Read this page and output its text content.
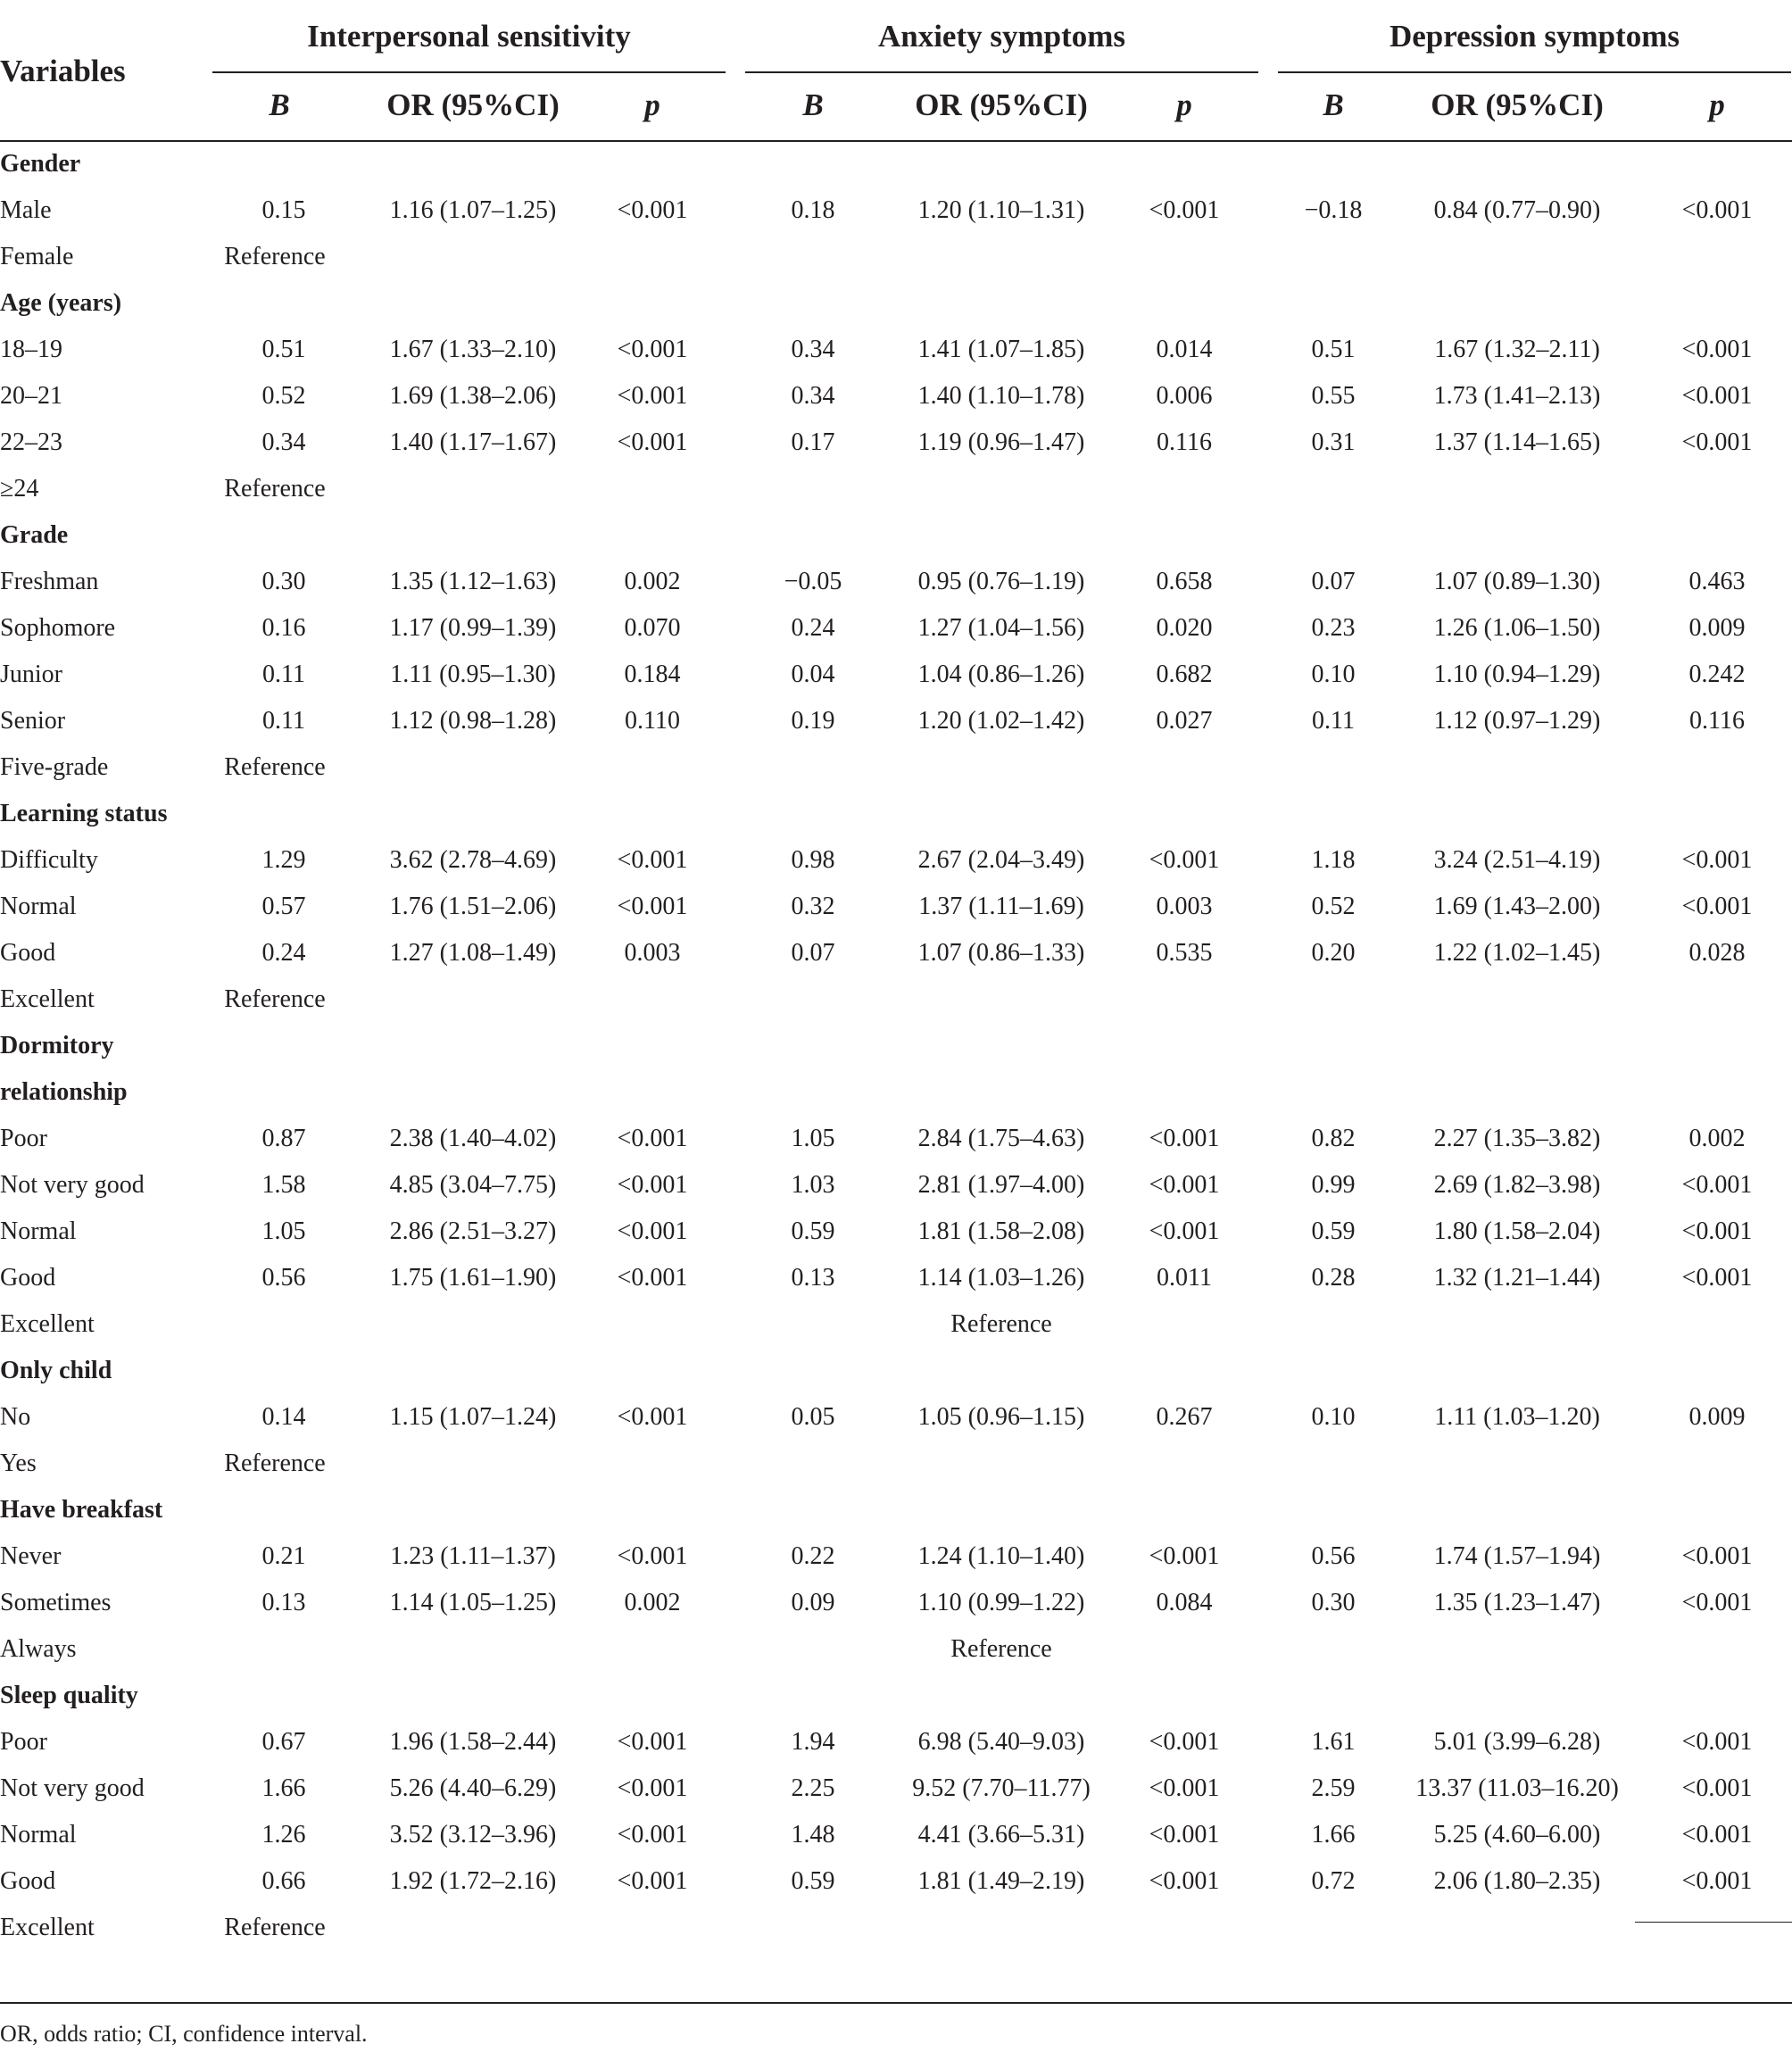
Variables
Interpersonal sensitivity	Anxiety symptoms	Depression symptoms
B	OR (95%CI)	p	B	OR (95%CI)	p	B	OR (95%CI)	p
Gender
Male	0.15	1.16 (1.07–1.25)	<0.001	0.18	1.20 (1.10–1.31)	<0.001	−0.18	0.84 (0.77–0.90)	<0.001
Female	Reference
Age (years)
18–19	0.51	1.67 (1.33–2.10)	<0.001	0.34	1.41 (1.07–1.85)	0.014	0.51	1.67 (1.32–2.11)	<0.001
20–21	0.52	1.69 (1.38–2.06)	<0.001	0.34	1.40 (1.10–1.78)	0.006	0.55	1.73 (1.41–2.13)	<0.001
22–23	0.34	1.40 (1.17–1.67)	<0.001	0.17	1.19 (0.96–1.47)	0.116	0.31	1.37 (1.14–1.65)	<0.001
≥24	Reference
Grade
Freshman	0.30	1.35 (1.12–1.63)	0.002	−0.05	0.95 (0.76–1.19)	0.658	0.07	1.07 (0.89–1.30)	0.463
Sophomore	0.16	1.17 (0.99–1.39)	0.070	0.24	1.27 (1.04–1.56)	0.020	0.23	1.26 (1.06–1.50)	0.009
Junior	0.11	1.11 (0.95–1.30)	0.184	0.04	1.04 (0.86–1.26)	0.682	0.10	1.10 (0.94–1.29)	0.242
Senior	0.11	1.12 (0.98–1.28)	0.110	0.19	1.20 (1.02–1.42)	0.027	0.11	1.12 (0.97–1.29)	0.116
Five-grade	Reference
Learning status
Difficulty	1.29	3.62 (2.78–4.69)	<0.001	0.98	2.67 (2.04–3.49)	<0.001	1.18	3.24 (2.51–4.19)	<0.001
Normal	0.57	1.76 (1.51–2.06)	<0.001	0.32	1.37 (1.11–1.69)	0.003	0.52	1.69 (1.43–2.00)	<0.001
Good	0.24	1.27 (1.08–1.49)	0.003	0.07	1.07 (0.86–1.33)	0.535	0.20	1.22 (1.02–1.45)	0.028
Excellent	Reference
Dormitory
relationship
Poor	0.87	2.38 (1.40–4.02)	<0.001	1.05	2.84 (1.75–4.63)	<0.001	0.82	2.27 (1.35–3.82)	0.002
Not very good	1.58	4.85 (3.04–7.75)	<0.001	1.03	2.81 (1.97–4.00)	<0.001	0.99	2.69 (1.82–3.98)	<0.001
Normal	1.05	2.86 (2.51–3.27)	<0.001	0.59	1.81 (1.58–2.08)	<0.001	0.59	1.80 (1.58–2.04)	<0.001
Good	0.56	1.75 (1.61–1.90)	<0.001	0.13	1.14 (1.03–1.26)	0.011	0.28	1.32 (1.21–1.44)	<0.001
Excellent	Reference
Only child
No	0.14	1.15 (1.07–1.24)	<0.001	0.05	1.05 (0.96–1.15)	0.267	0.10	1.11 (1.03–1.20)	0.009
Yes	Reference
Have breakfast
Never	0.21	1.23 (1.11–1.37)	<0.001	0.22	1.24 (1.10–1.40)	<0.001	0.56	1.74 (1.57–1.94)	<0.001
Sometimes	0.13	1.14 (1.05–1.25)	0.002	0.09	1.10 (0.99–1.22)	0.084	0.30	1.35 (1.23–1.47)	<0.001
Always	Reference
Sleep quality
Poor	0.67	1.96 (1.58–2.44)	<0.001	1.94	6.98 (5.40–9.03)	<0.001	1.61	5.01 (3.99–6.28)	<0.001
Not very good	1.66	5.26 (4.40–6.29)	<0.001	2.25	9.52 (7.70–11.77)	<0.001	2.59	13.37 (11.03–16.20)	<0.001
Normal	1.26	3.52 (3.12–3.96)	<0.001	1.48	4.41 (3.66–5.31)	<0.001	1.66	5.25 (4.60–6.00)	<0.001
Good	0.66	1.92 (1.72–2.16)	<0.001	0.59	1.81 (1.49–2.19)	<0.001	0.72	2.06 (1.80–2.35)	<0.001
Excellent	Reference
OR, odds ratio; CI, confidence interval.
